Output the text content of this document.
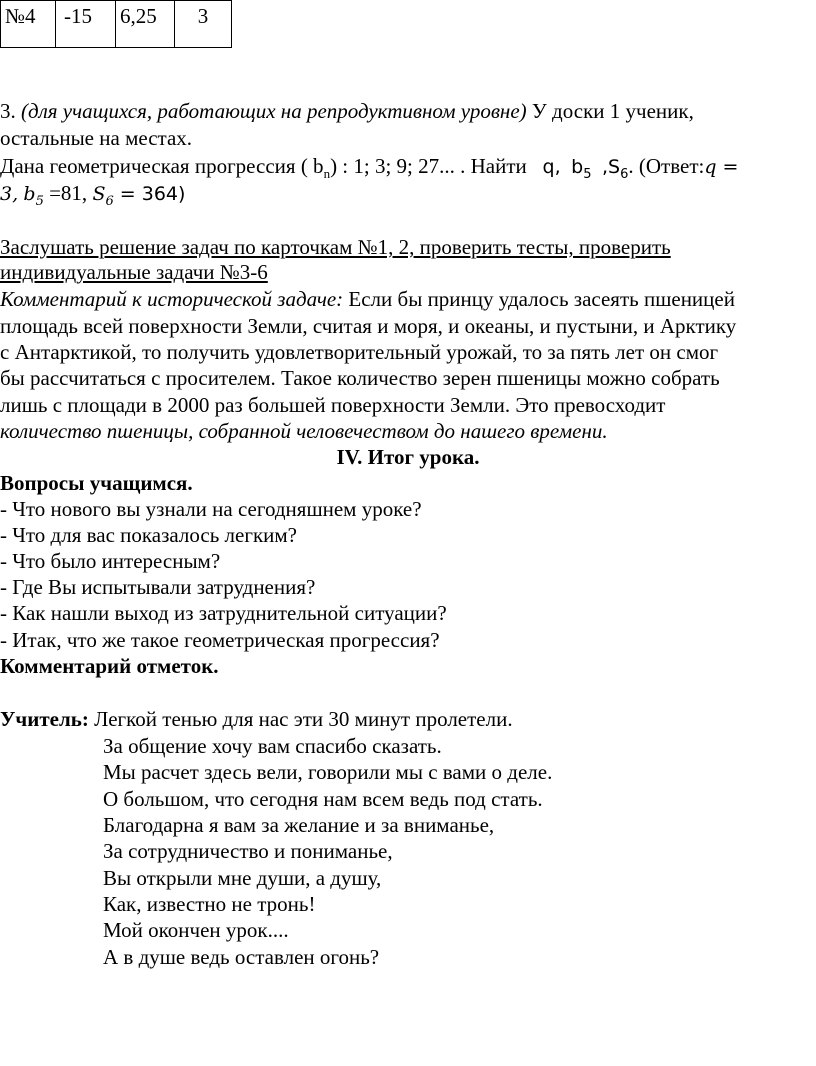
№4	-15	6,25	3
3. (для учащихся, работающих на репродуктивном уровне) У доски 1 ученик,
остальные на местах.
Дана геометрическая прогрессия ( $b_n$) : 1; 3; 9; 27... . Найти q, $b_5$ $,S_6$. (Ответ:q =
3, $b_5 =81$, $S_6 = 364$)
Заслушать решение задач по карточкам №1, 2, проверить тесты, проверить
индивидуальные задачи №3-6
Комментарий к исторической задаче: Если бы принцу удалось засеять пшеницей
площадь всей поверхности Земли, считая и моря, и океаны, и пустыни, и Арктику
с Антарктикой, то получить удовлетворительный урожай, то за пять лет он смог
бы рассчитаться с просителем. Такое количество зерен пшеницы можно собрать
лишь с площади в 2000 раз большей поверхности Земли. Это превосходит
количество пшеницы, собранной человечеством до нашего времени.
IV. Итог урока.
Вопросы учащимся.
- Что нового вы узнали на сегодняшнем уроке?
- Что для вас показалось легким?
- Что было интересным?
- Где Вы испытывали затруднения?
- Как нашли выход из затруднительной ситуации?
- Итак, что же такое геометрическая прогрессия?
Комментарий отметок.
Учитель: Легкой тенью для нас эти 30 минут пролетели.
За общение хочу вам спасибо сказать.
Мы расчет здесь вели, говорили мы с вами о деле.
О большом, что сегодня нам всем ведь под стать.
Благодарна я вам за желание и за вниманье,
За сотрудничество и пониманье,
Вы открыли мне души, а душу,
Как, известно не тронь!
Мой окончен урок....
А в душе ведь оставлен огонь?
